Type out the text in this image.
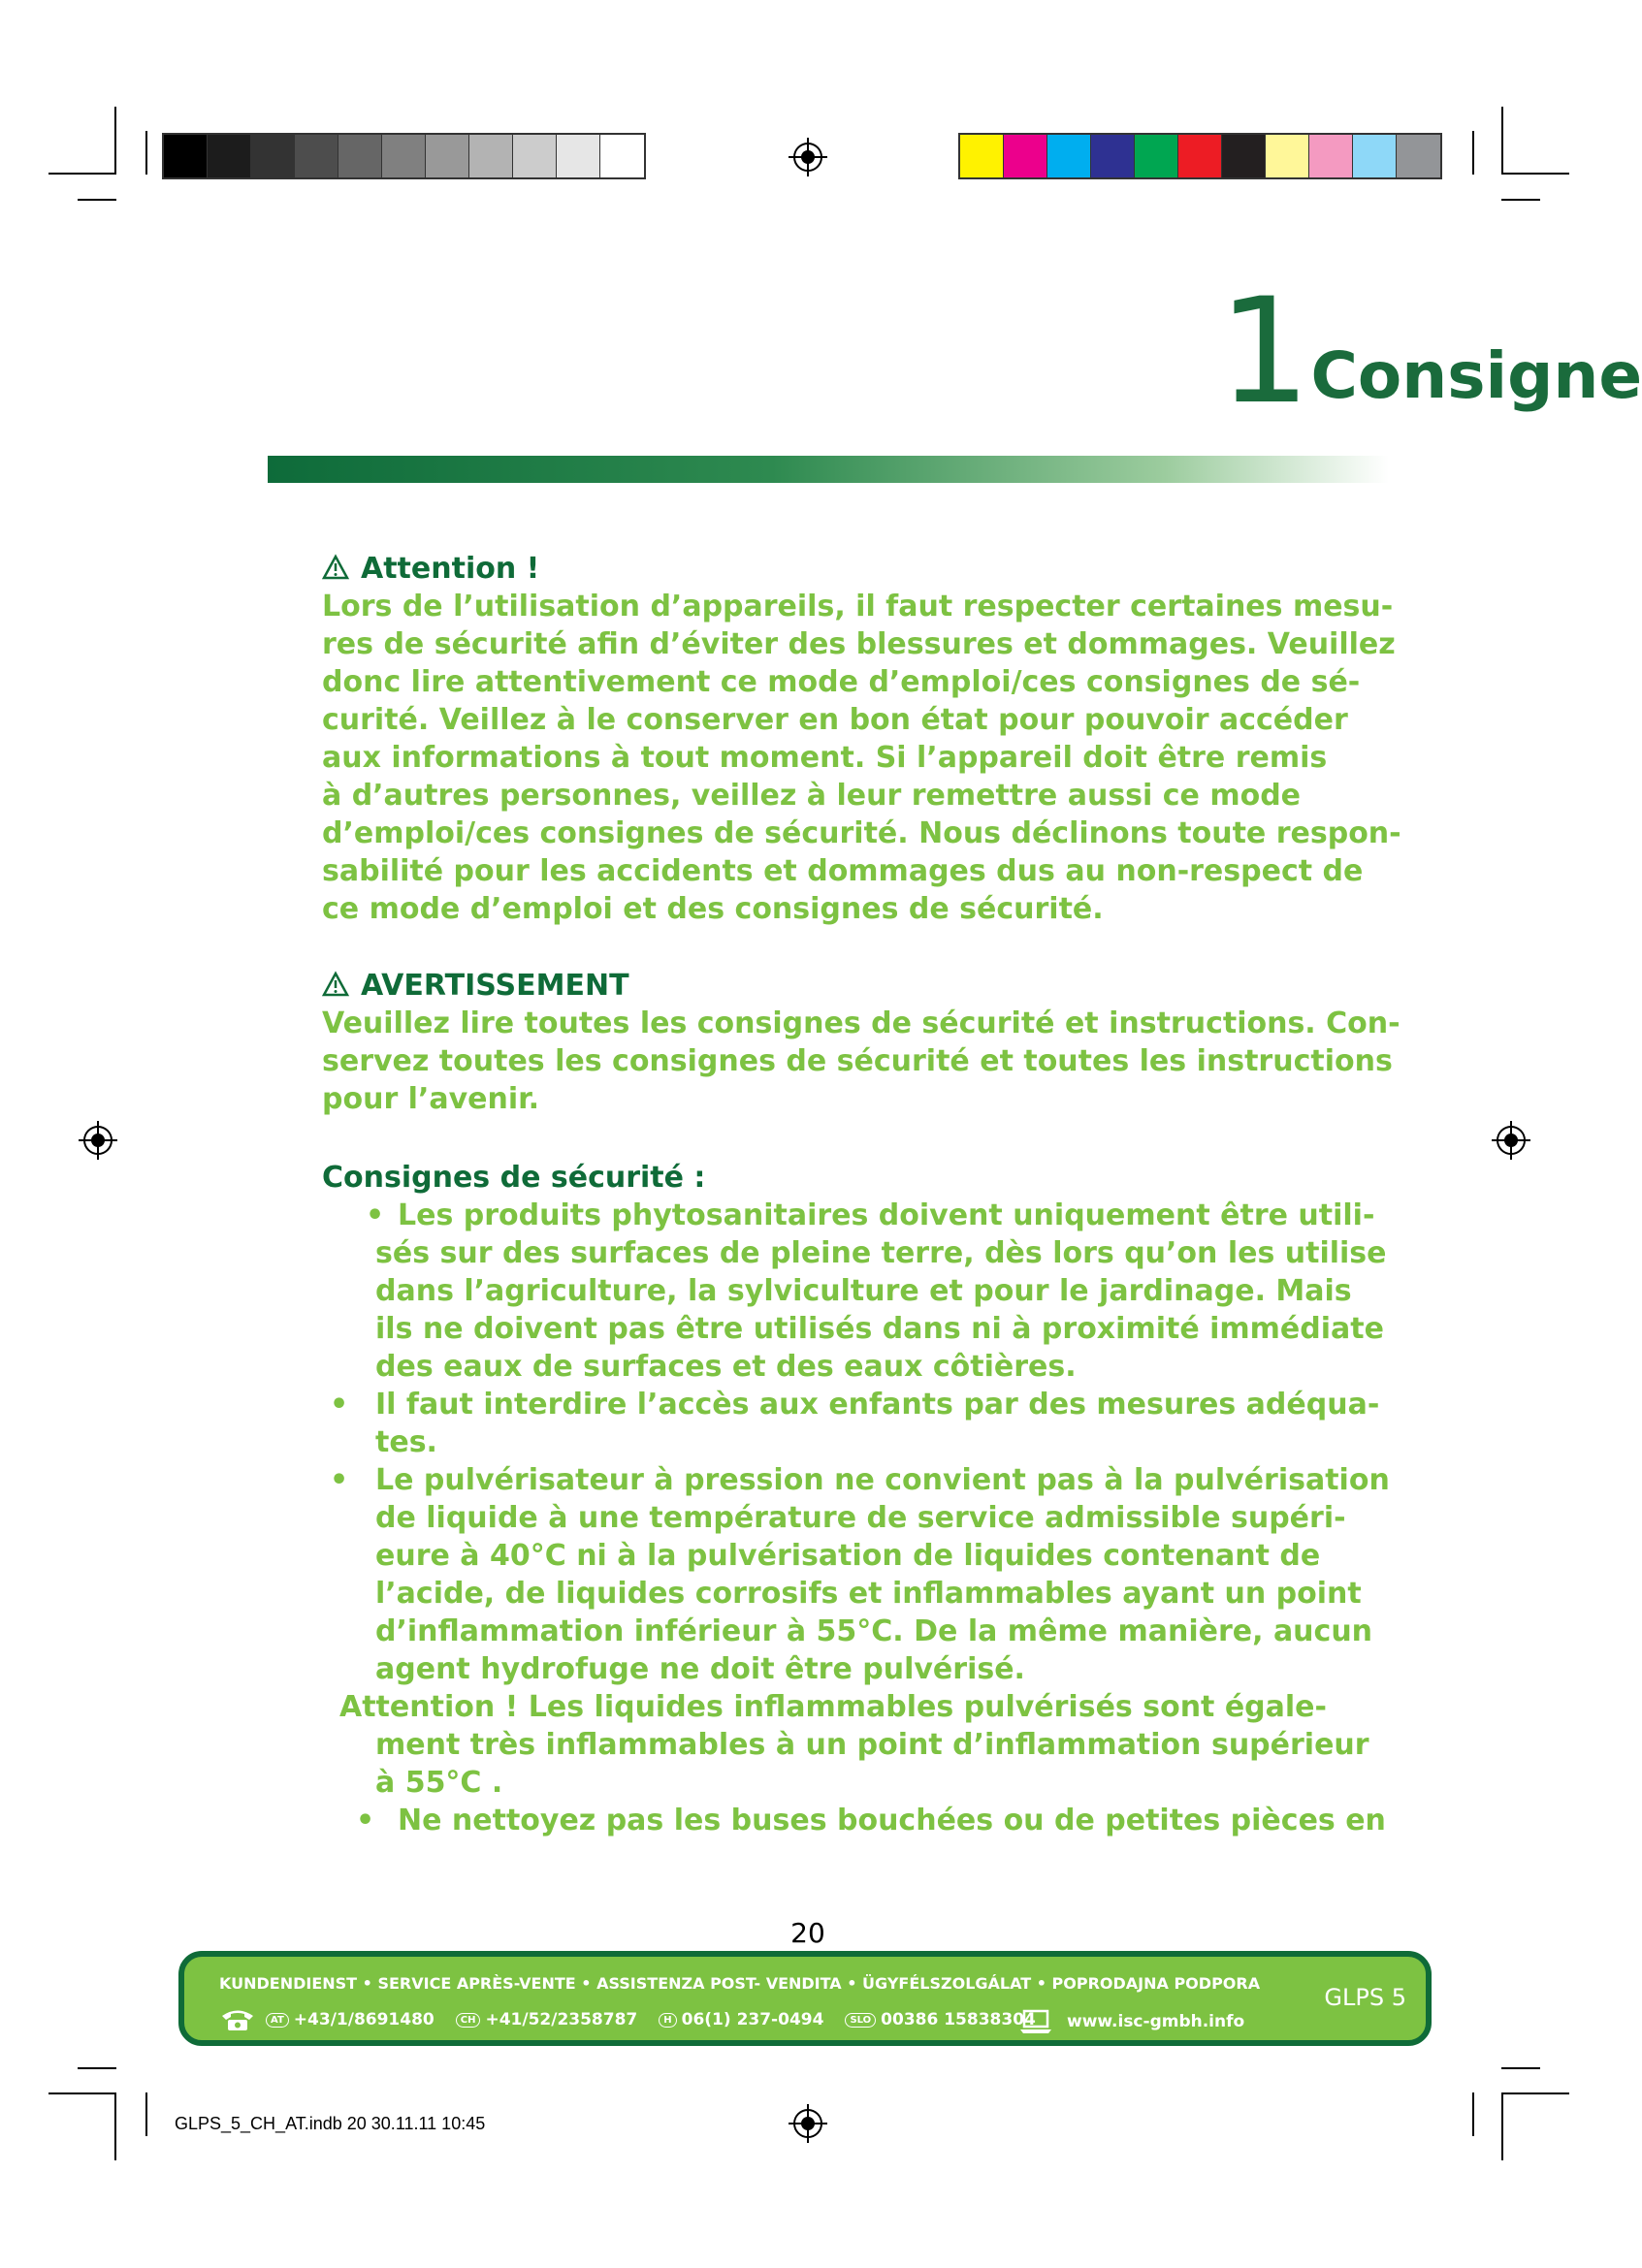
1 Consigne
Attention !
Lors de l’utilisation d’appareils, il faut respecter certaines mesu-
res de sécurité afin d’éviter des blessures et dommages. Veuillez
donc lire attentivement ce mode d’emploi/ces consignes de sé-
curité. Veillez à le conserver en bon état pour pouvoir accéder
aux informations à tout moment. Si l’appareil doit être remis
à d’autres personnes, veillez à leur remettre aussi ce mode
d’emploi/ces consignes de sécurité. Nous déclinons toute respon-
sabilité pour les accidents et dommages dus au non-respect de
ce mode d’emploi et des consignes de sécurité.
AVERTISSEMENT
Veuillez lire toutes les consignes de sécurité et instructions. Con-
servez toutes les consignes de sécurité et toutes les instructions
pour l’avenir.
Consignes de sécurité :
• Les produits phytosanitaires doivent uniquement être utili-
sés sur des surfaces de pleine terre, dès lors qu’on les utilise
dans l’agriculture, la sylviculture et pour le jardinage. Mais
ils ne doivent pas être utilisés dans ni à proximité immédiate
des eaux de surfaces et des eaux côtières.
• Il faut interdire l’accès aux enfants par des mesures adéqua-
tes.
• Le pulvérisateur à pression ne convient pas à la pulvérisation
de liquide à une température de service admissible supéri-
eure à 40°C ni à la pulvérisation de liquides contenant de
l’acide, de liquides corrosifs et inflammables ayant un point
d’inflammation inférieur à 55°C. De la même manière, aucun
agent hydrofuge ne doit être pulvérisé.
Attention ! Les liquides inflammables pulvérisés sont égale-
ment très inflammables à un point d’inflammation supérieur
à 55°C .
• Ne nettoyez pas les buses bouchées ou de petites pièces en
20
KUNDENDIENST • SERVICE APRÈS-VENTE • ASSISTENZA POST- VENDITA • ÜGYFÉLSZOLGÁLAT • POPRODAJNA PODPORA
AT +43/1/8691480	CH +41/52/2358787	H 06(1) 237-0494	SLO 00386 15838304 www.isc-gmbh.info
GLPS 5
GLPS_5_CH_AT.indb 20 30.11.11 10:45
